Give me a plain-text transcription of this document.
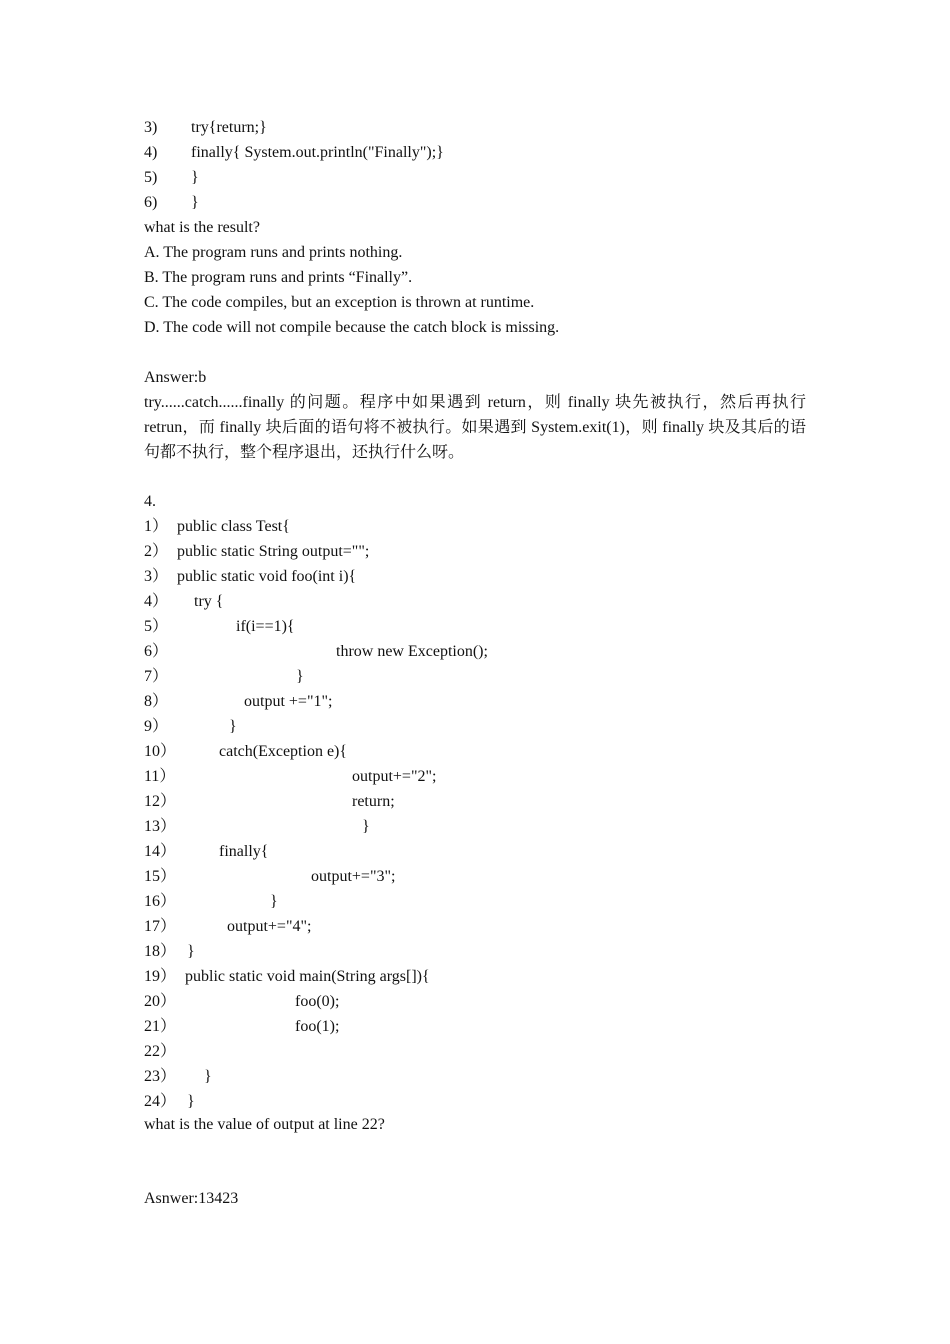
3)

try{return;}

4)

finally{ System.out.println("Finally");}

5)

}

6)

}

what is the result?
A. The program runs and prints nothing.
B. The program runs and prints “Finally”.
C. The code compiles, but an exception is thrown at runtime.
D. The code will not compile because the catch block is missing.
Answer:b
try......catch......finally 的问题。程序中如果遇到 return，则 finally 块先被执行，然后再执行 retrun，而 finally 块后面的语句将不被执行。如果遇到 System.exit(1)，则 finally 块及其后的语句都不执行，整个程序退出，还执行什么呀。
4.

1）

public class Test{

2）

public static String output="";

3）

public static void foo(int i){

4）

try {

5）

	if(i==1){

6）

	throw new Exception();

7）

	}

8）

	output +="1";

9）

	}

10）

	catch(Exception e){

11）

	output+="2";

12）

	return;

13）

	}

14）

	finally{

15）

	output+="3";

16）

	}

17）

	output+="4";

18）

}

19）

public static void main(String args[]){

20）

	foo(0);

21）

	foo(1);

22）

23）

}

24）

}

what is the value of output at line 22?
Asnwer:13423
